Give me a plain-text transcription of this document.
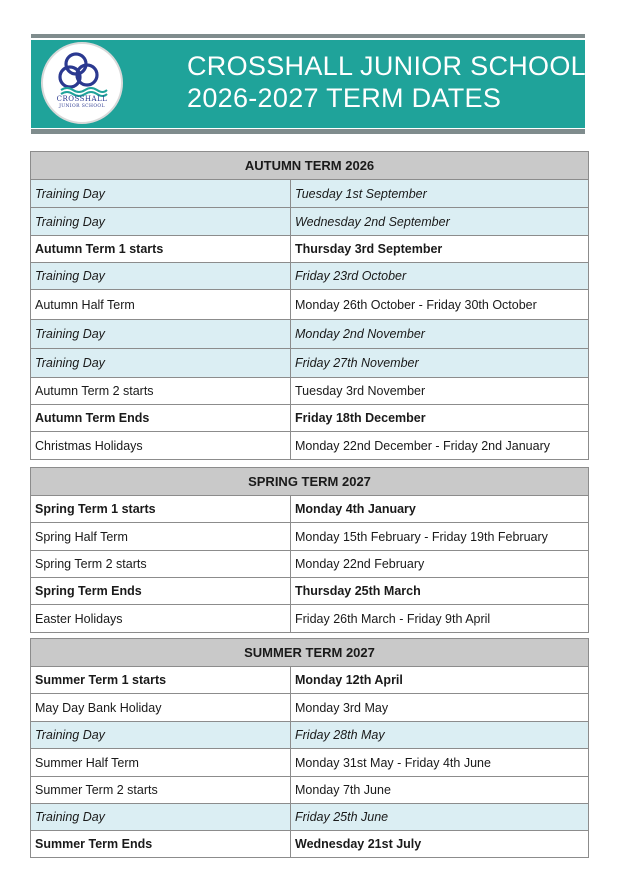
CROSSHALL
JUNIOR SCHOOL
CROSSHALL JUNIOR SCHOOL
2026-2027 TERM DATES
AUTUMN TERM 2026	
Training Day	Tuesday 1st September
Training Day	Wednesday 2nd September
Autumn Term 1 starts	Thursday 3rd September
Training Day	Friday 23rd October
Autumn Half Term	Monday 26th October - Friday 30th October
Training Day	Monday 2nd November
Training Day	Friday 27th November
Autumn Term 2 starts	Tuesday 3rd November
Autumn Term Ends	Friday 18th December
Christmas Holidays	Monday 22nd December - Friday 2nd January
SPRING TERM 2027	
Spring Term 1 starts	Monday 4th January
Spring Half Term	Monday 15th February - Friday 19th February
Spring Term 2 starts	Monday 22nd February
Spring Term Ends	Thursday 25th March
Easter Holidays	Friday 26th March - Friday 9th April
SUMMER TERM 2027	
Summer Term 1 starts	Monday 12th April
May Day Bank Holiday	Monday 3rd May
Training Day	Friday 28th May
Summer Half Term	Monday 31st May - Friday 4th June
Summer Term 2 starts	Monday 7th June
Training Day	Friday 25th June
Summer Term Ends	Wednesday 21st July
